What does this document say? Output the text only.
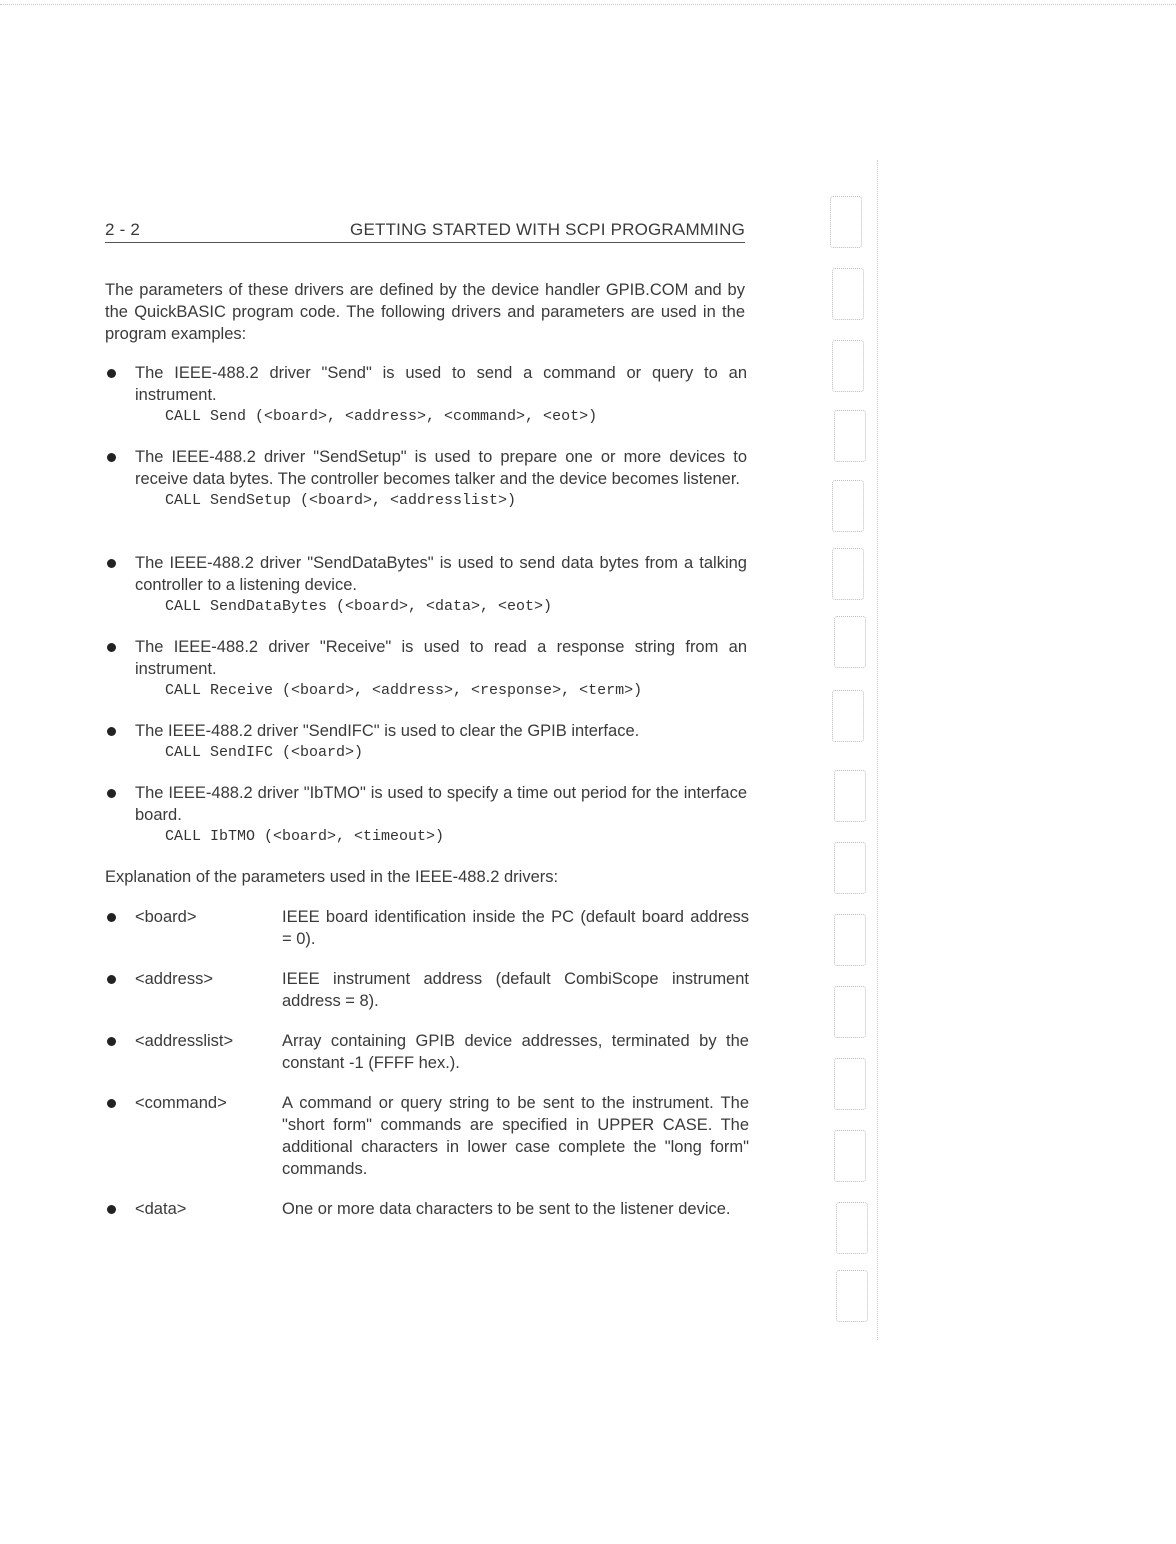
2 - 2	GETTING STARTED WITH SCPI PROGRAMMING
The parameters of these drivers are defined by the device handler GPIB.COM and by the QuickBASIC program code. The following drivers and parameters are used in the program examples:
The IEEE-488.2 driver "Send" is used to send a command or query to an instrument.
CALL Send (<board>, <address>, <command>, <eot>)
The IEEE-488.2 driver "SendSetup" is used to prepare one or more devices to receive data bytes. The controller becomes talker and the device becomes listener.
CALL SendSetup (<board>, <addresslist>)
The IEEE-488.2 driver "SendDataBytes" is used to send data bytes from a talking controller to a listening device.
CALL SendDataBytes (<board>, <data>, <eot>)
The IEEE-488.2 driver "Receive" is used to read a response string from an instrument.
CALL Receive (<board>, <address>, <response>, <term>)
The IEEE-488.2 driver "SendIFC" is used to clear the GPIB interface.
CALL SendIFC (<board>)
The IEEE-488.2 driver "IbTMO" is used to specify a time out period for the interface board.
CALL IbTMO (<board>, <timeout>)
Explanation of the parameters used in the IEEE-488.2 drivers:
<board>	IEEE board identification inside the PC (default board address = 0).
<address>	IEEE instrument address (default CombiScope instrument address = 8).
<addresslist>	Array containing GPIB device addresses, terminated by the constant -1 (FFFF hex.).
<command>	A command or query string to be sent to the instrument. The "short form" commands are specified in UPPER CASE. The additional characters in lower case complete the "long form" commands.
<data>	One or more data characters to be sent to the listener device.
